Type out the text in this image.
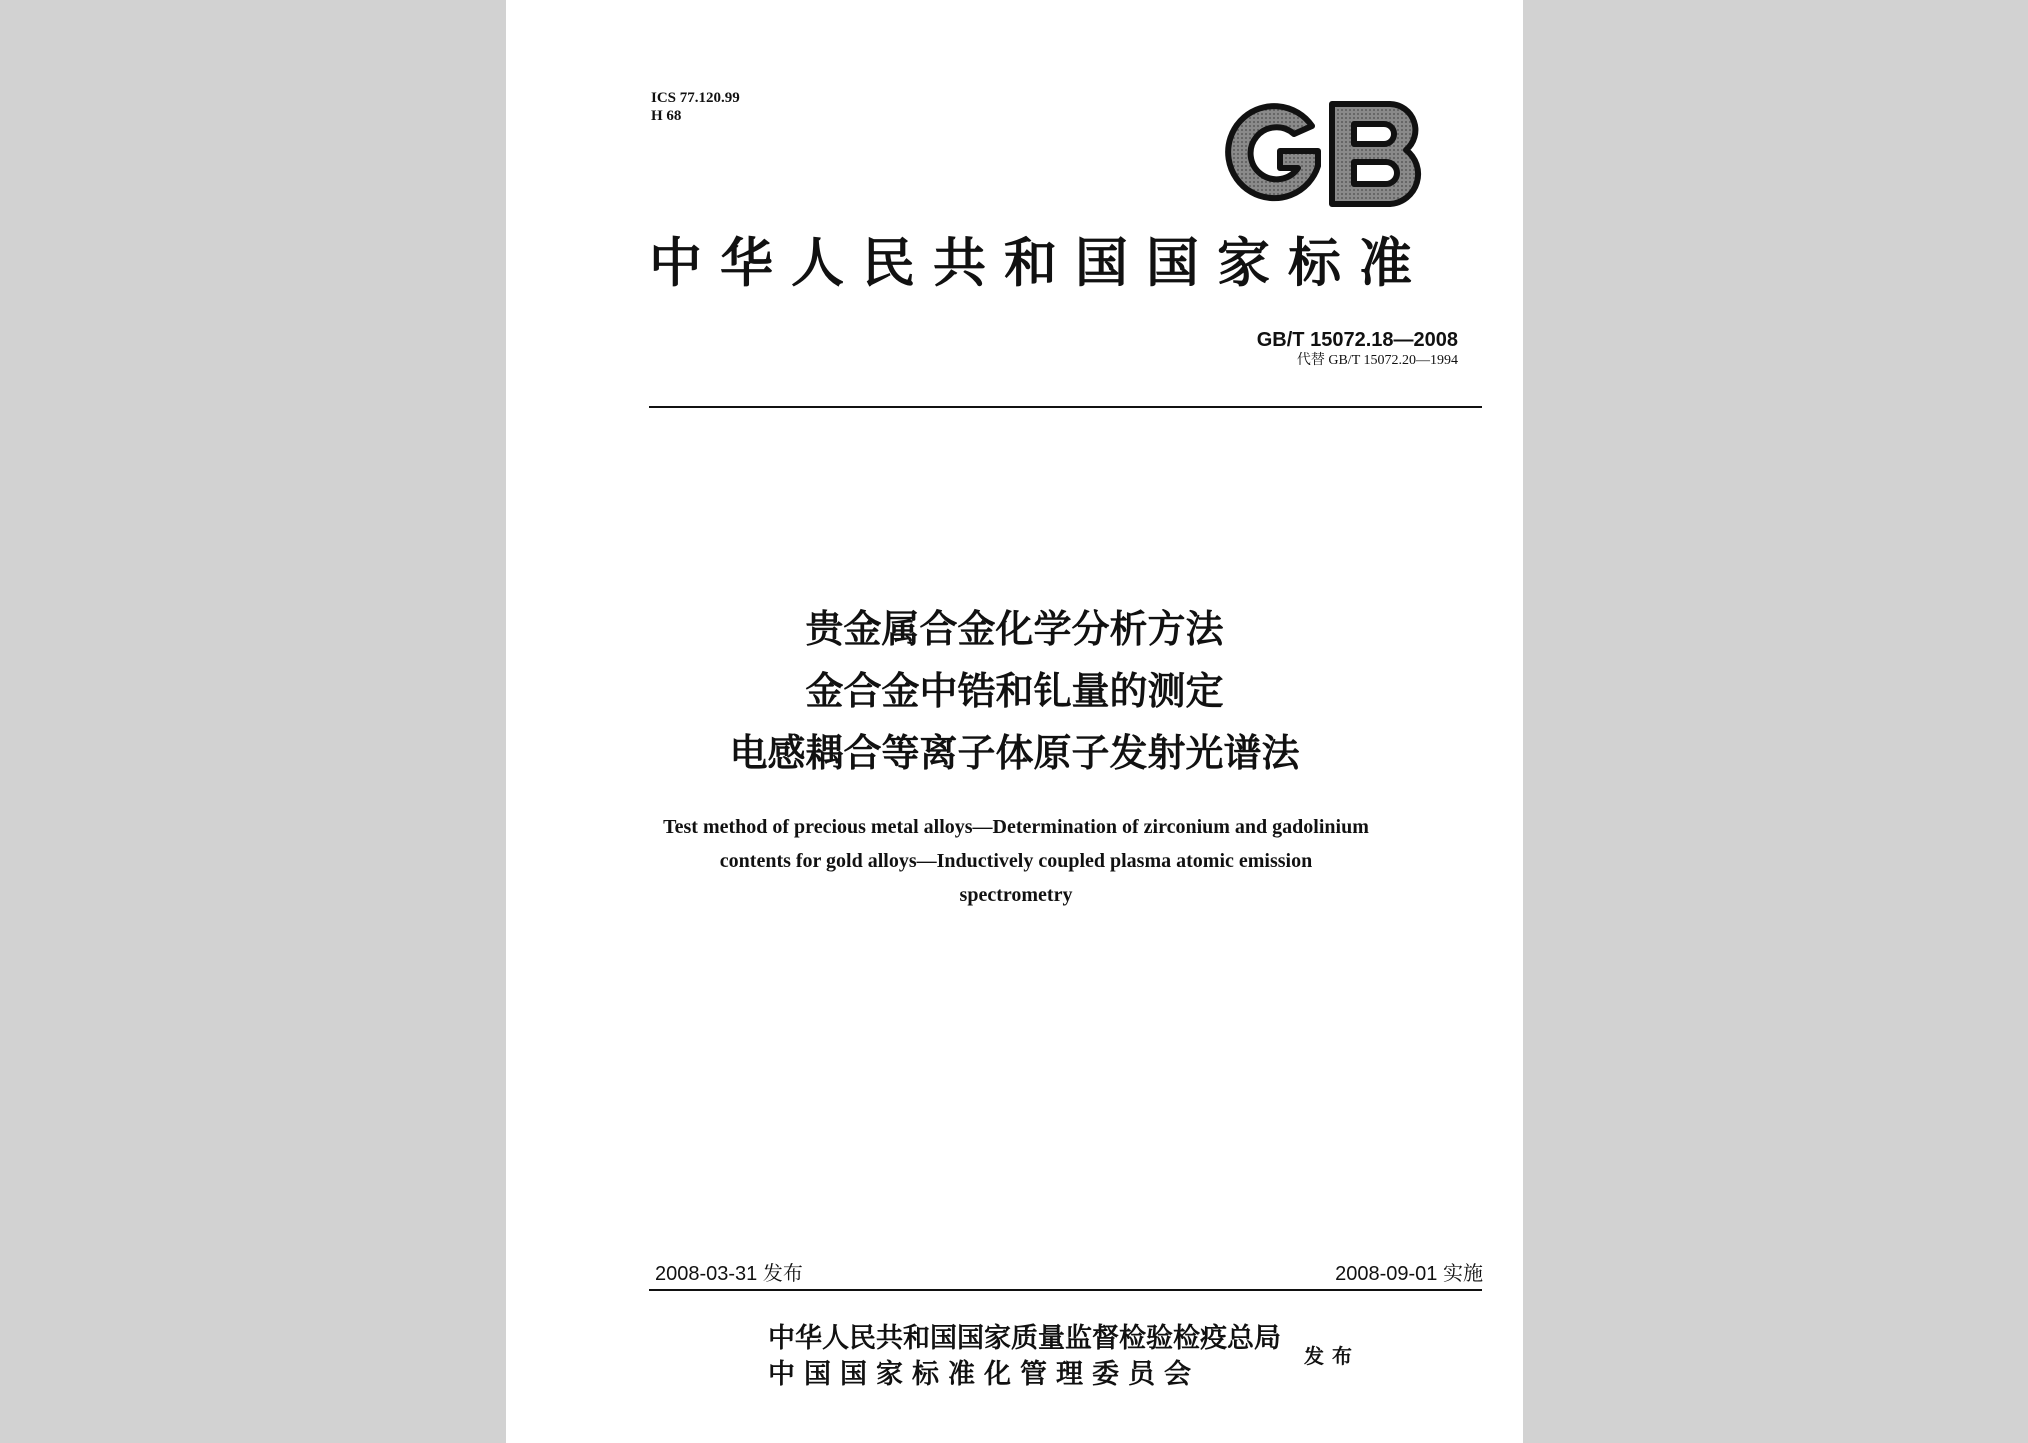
ICS 77.120.99
H 68
中华人民共和国国家标准
GB/T 15072.18—2008
代替 GB/T 15072.20—1994
贵金属合金化学分析方法
金合金中锆和钆量的测定
电感耦合等离子体原子发射光谱法
Test method of precious metal alloys—Determination of zirconium and gadolinium
contents for gold alloys—Inductively coupled plasma atomic emission
spectrometry
2008-03-31 发布	2008-09-01 实施
中华人民共和国国家质量监督检验检疫总局
中国国家标准化管理委员会
发布
